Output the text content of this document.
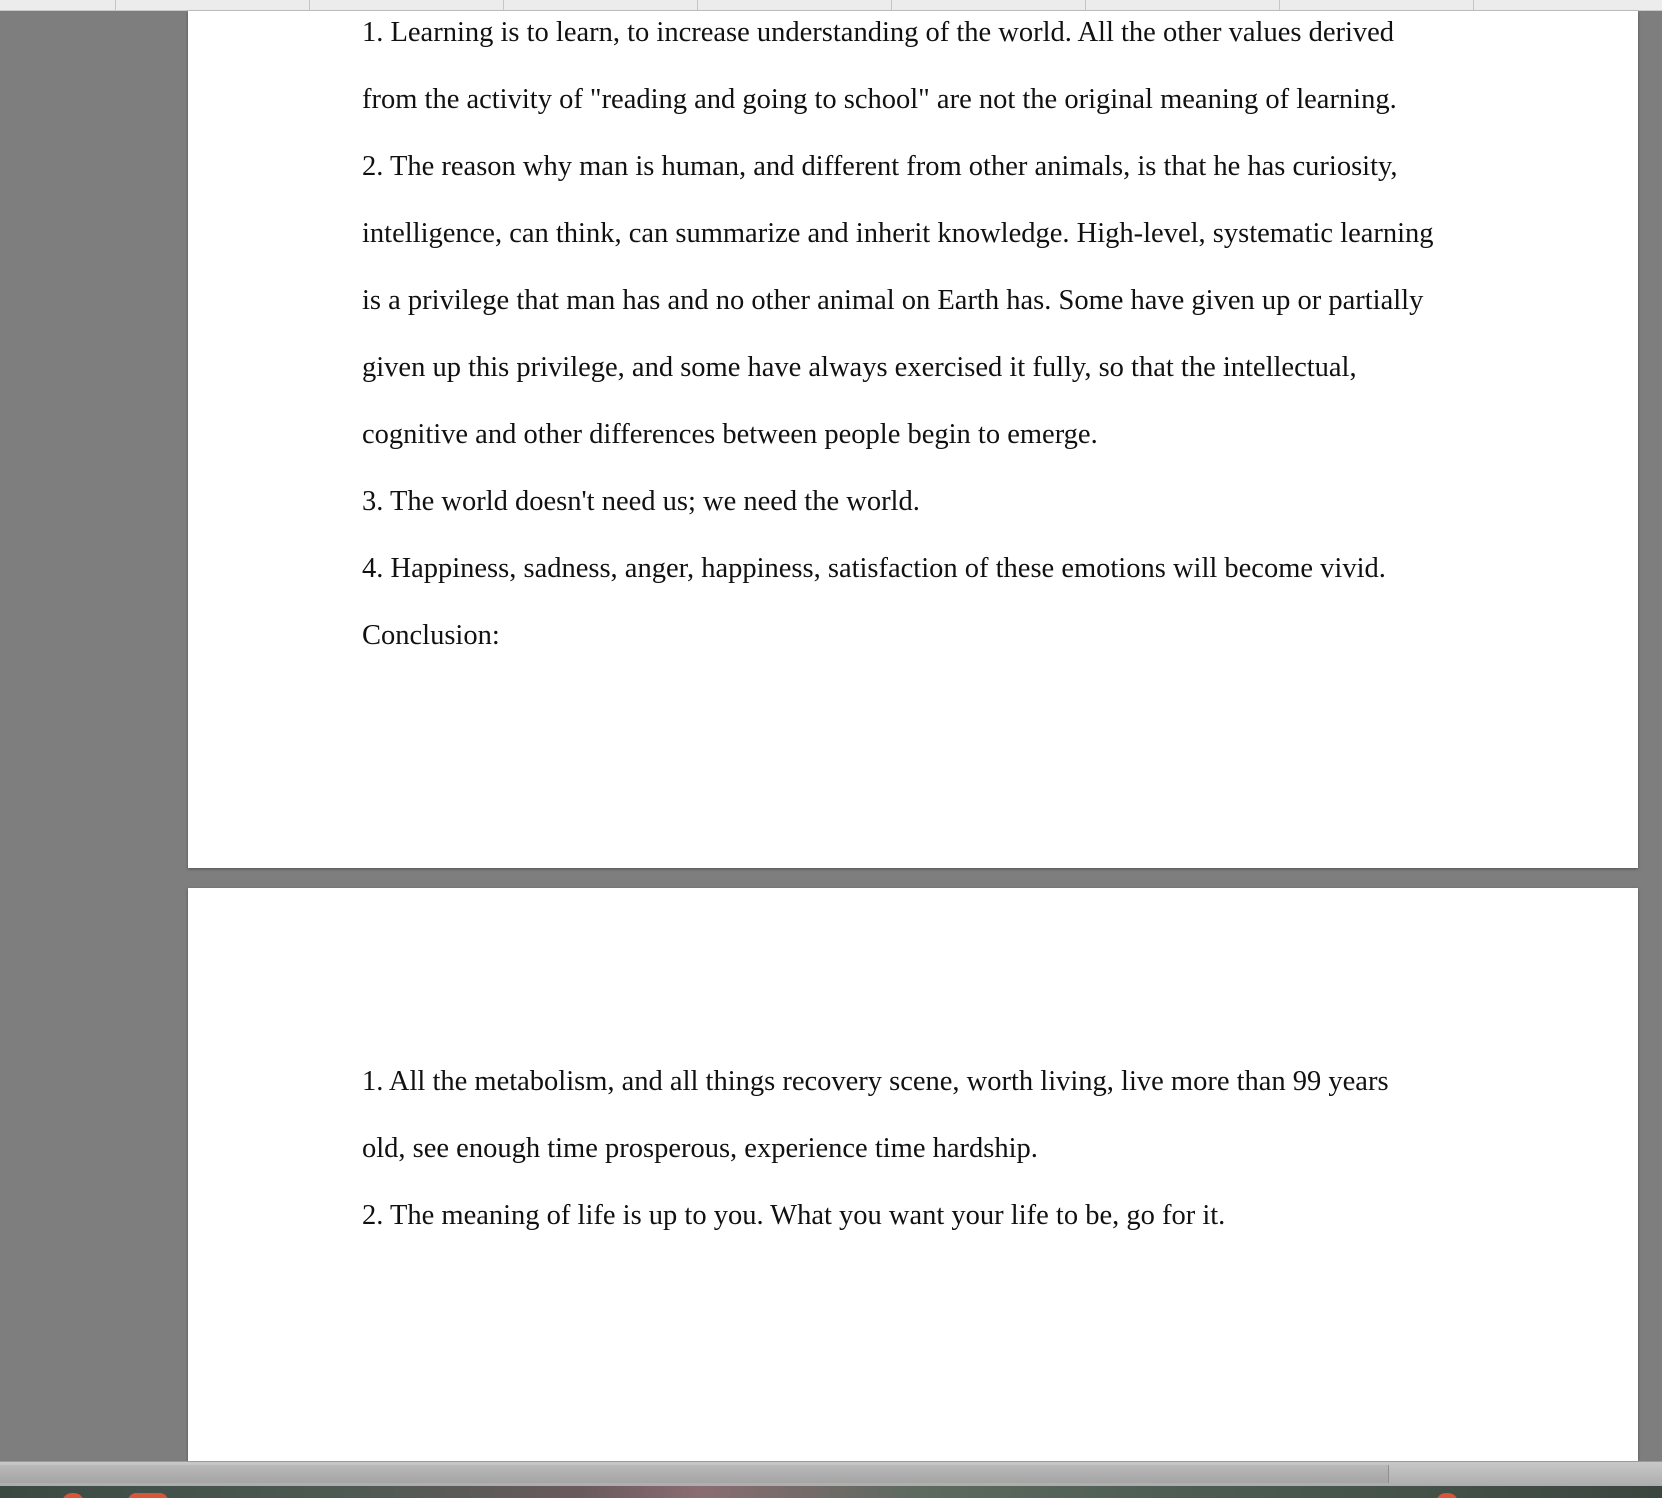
1. Learning is to learn, to increase understanding of the world. All the other values derived

from the activity of "reading and going to school" are not the original meaning of learning.

2. The reason why man is human, and different from other animals, is that he has curiosity,

intelligence, can think, can summarize and inherit knowledge. High-level, systematic learning

is a privilege that man has and no other animal on Earth has. Some have given up or partially

given up this privilege, and some have always exercised it fully, so that the intellectual,

cognitive and other differences between people begin to emerge.

3. The world doesn't need us; we need the world.

4. Happiness, sadness, anger, happiness, satisfaction of these emotions will become vivid.

Conclusion:

1. All the metabolism, and all things recovery scene, worth living, live more than 99 years

old, see enough time prosperous, experience time hardship.

2. The meaning of life is up to you. What you want your life to be, go for it.
